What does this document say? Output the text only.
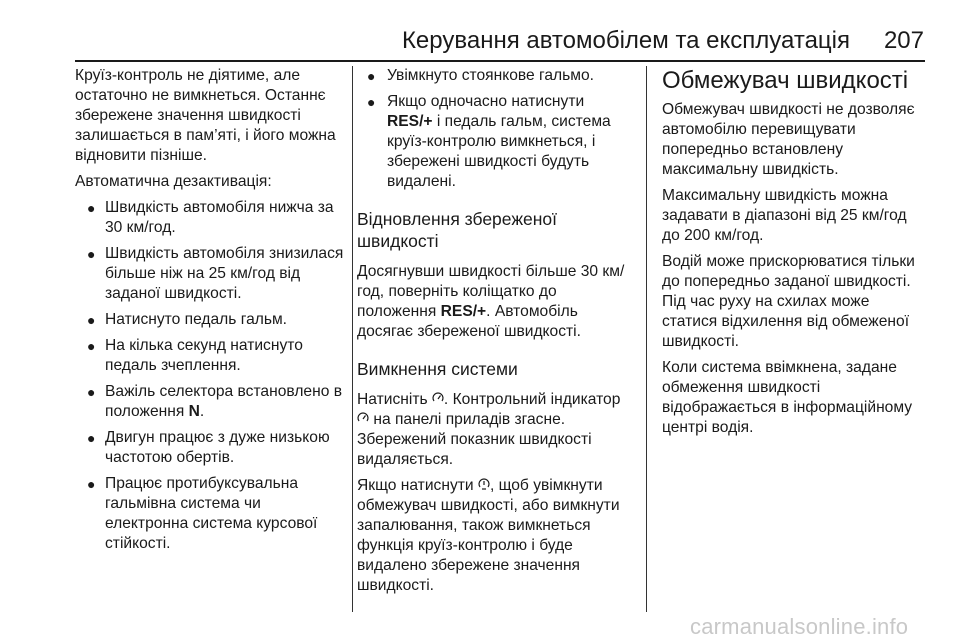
Керування автомобілем та експлуатація 207

Круїз-контроль не діятиме, але остаточно не вимкнеться. Останнє збережене значення швидкості залишається в пам’яті, і його можна відновити пізніше.

Автоматична дезактивація:

● Швидкість автомобіля нижча за 30 км/год.
● Швидкість автомобіля знизилася більше ніж на 25 км/год від заданої швидкості.
● Натиснуто педаль гальм.
● На кілька секунд натиснуто педаль зчеплення.
● Важіль селектора встановлено в положення N.
● Двигун працює з дуже низькою частотою обертів.
● Працює протибуксувальна гальмівна система чи електронна система курсової стійкості.
● Увімкнуто стоянкове гальмо.
● Якщо одночасно натиснути RES/+ і педаль гальм, система круїз-контролю вимкнеться, і збережені швидкості будуть видалені.
Відновлення збереженої швидкості

Досягнувши швидкості більше 30 км/год, поверніть коліщатко до положення RES/+. Автомобіль досягає збереженої швидкості.

Вимкнення системи

Натисніть . Контрольний індикатор  на панелі приладів згасне. Збережений показник швидкості видаляється.

Якщо натиснути , щоб увімкнути обмежувач швидкості, або вимкнути запалювання, також вимкнеться функція круїз-контролю і буде видалено збережене значення швидкості.

Обмежувач швидкості

Обмежувач швидкості не дозволяє автомобілю перевищувати попередньо встановлену максимальну швидкість.

Максимальну швидкість можна задавати в діапазоні від 25 км/год до 200 км/год.

Водій може прискорюватися тільки до попередньо заданої швидкості. Під час руху на схилах може статися відхилення від обмеженої швидкості.

Коли система ввімкнена, задане обмеження швидкості відображається в інформаційному центрі водія.

carmanualsonline.info
